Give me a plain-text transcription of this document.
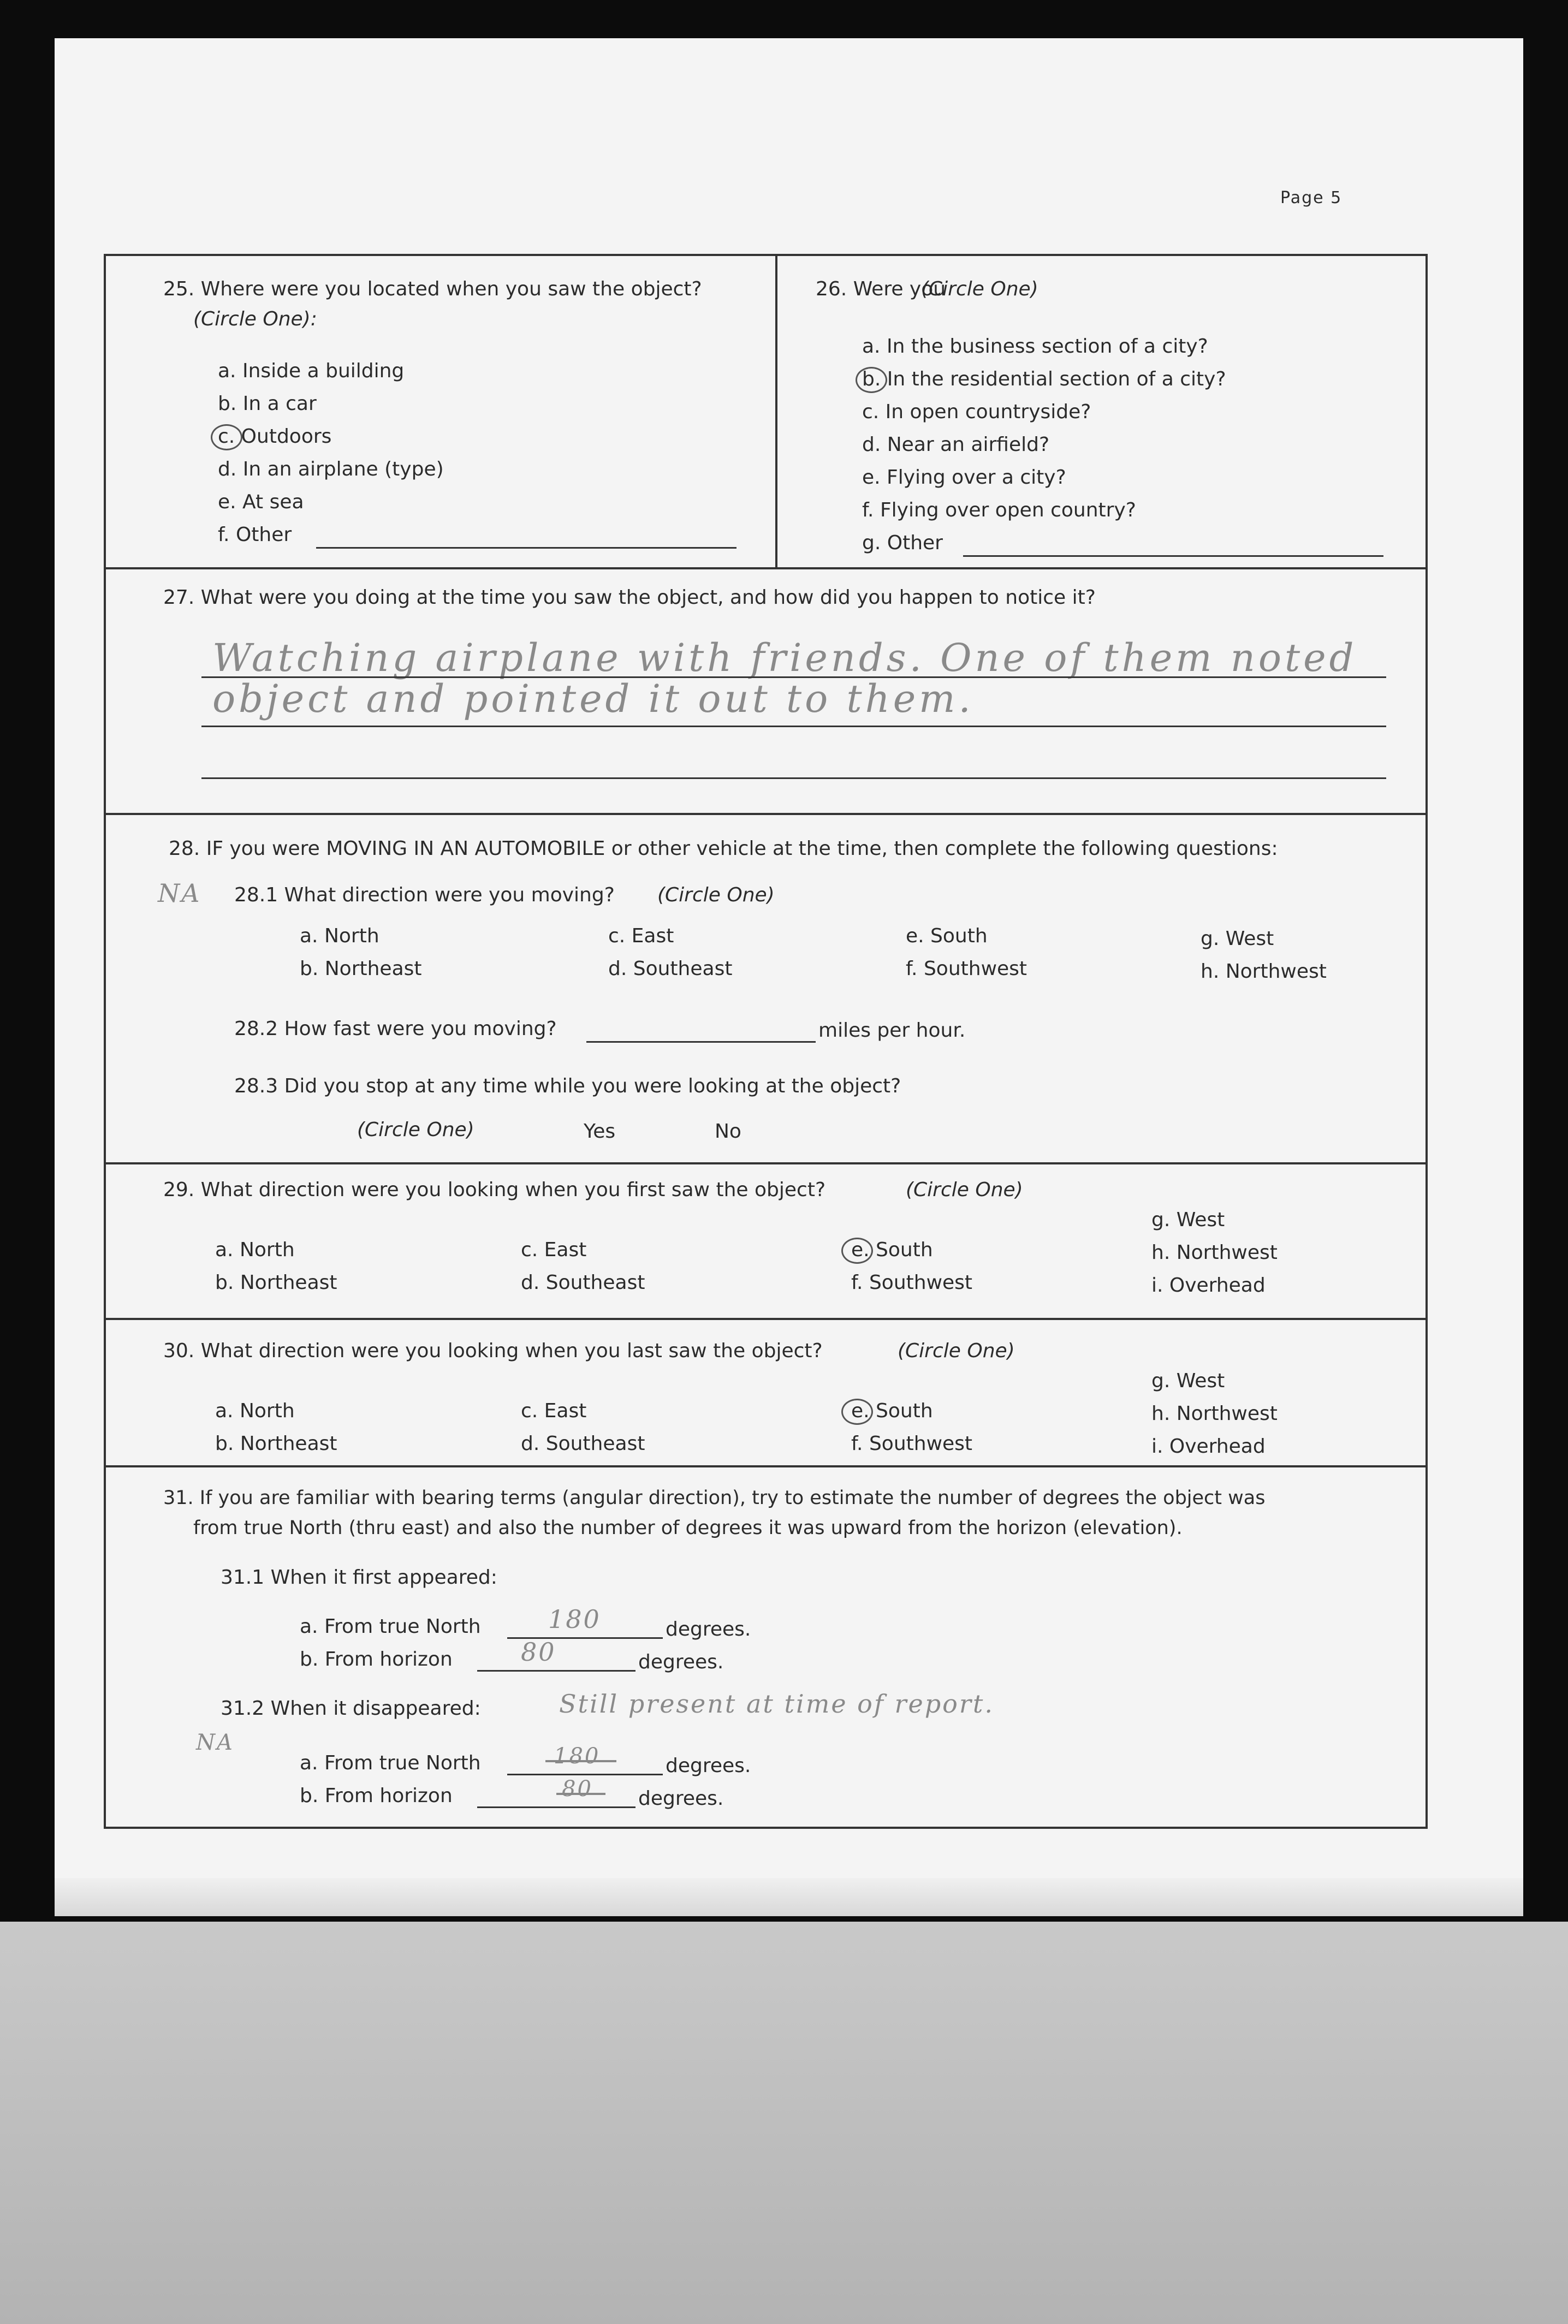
Page 5
25. Where were you located when you saw the object?
(Circle One):
a. Inside a building
b. In a car
c. Outdoors
d. In an airplane (type)
e. At sea
f. Other
26. Were you
(Circle One)
a. In the business section of a city?
b. In the residential section of a city?
c. In open countryside?
d. Near an airfield?
e. Flying over a city?
f. Flying over open country?
g. Other
27. What were you doing at the time you saw the object, and how did you happen to notice it?
Watching airplane with friends. One of them noted
object and pointed it out to them.
28. IF you were MOVING IN AN AUTOMOBILE or other vehicle at the time, then complete the following questions:
NA 28.1 What direction were you moving? (Circle One)
a. North
b. Northeast
c. East
d. Southeast
e. South
f. Southwest
g. West
h. Northwest
28.2 How fast were you moving?	miles per hour.
28.3 Did you stop at any time while you were looking at the object?
(Circle One)	Yes	No
29. What direction were you looking when you first saw the object?	(Circle One)
a. North
b. Northeast
c. East
d. Southeast
e. South
f. Southwest
g. West
h. Northwest
i. Overhead
30. What direction were you looking when you last saw the object?	(Circle One)
a. North
b. Northeast
c. East
d. Southeast
e. South
f. Southwest
g. West
h. Northwest
i. Overhead
31. If you are familiar with bearing terms (angular direction), try to estimate the number of degrees the object was
from true North (thru east) and also the number of degrees it was upward from the horizon (elevation).
31.1 When it first appeared:
a. From true North	180	degrees.
b. From horizon	80	degrees.
31.2 When it disappeared:	Still present at time of report.
NA
a. From true North	180	degrees.
b. From horizon	80 degrees.
